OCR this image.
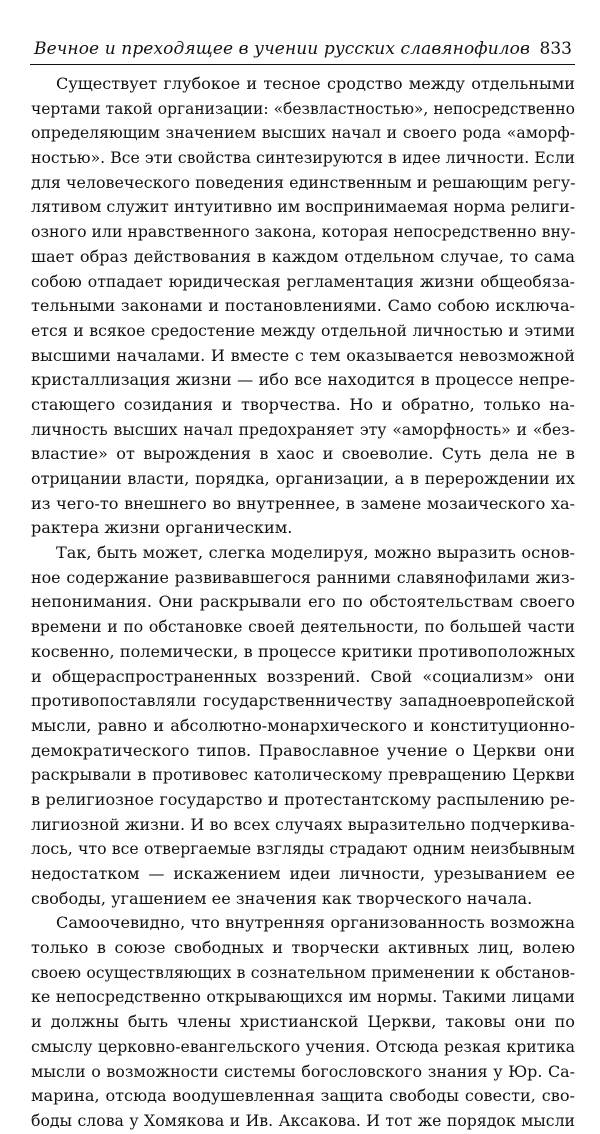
Вечное и преходящее в учении русских славянофилов 833
Существует глубокое и тесное сродство между отдельными
чертами такой организации: «безвластностью», непосредственно
определяющим значением высших начал и своего рода «аморф-
ностью». Все эти свойства синтезируются в идее личности. Если
для человеческого поведения единственным и решающим регу-
лятивом служит интуитивно им воспринимаемая норма религи-
озного или нравственного закона, которая непосредственно вну-
шает образ действования в каждом отдельном случае, то сама
собою отпадает юридическая регламентация жизни общеобяза-
тельными законами и постановлениями. Само собою исключа-
ется и всякое средостение между отдельной личностью и этими
высшими началами. И вместе с тем оказывается невозможной
кристаллизация жизни — ибо все находится в процессе непре-
стающего созидания и творчества. Но и обратно, только на-
личность высших начал предохраняет эту «аморфность» и «без-
властие» от вырождения в хаос и своеволие. Суть дела не в
отрицании власти, порядка, организации, а в перерождении их
из чего-то внешнего во внутреннее, в замене мозаического ха-
рактера жизни органическим.
Так, быть может, слегка моделируя, можно выразить основ-
ное содержание развивавшегося ранними славянофилами жиз-
непонимания. Они раскрывали его по обстоятельствам своего
времени и по обстановке своей деятельности, по большей части
косвенно, полемически, в процессе критики противоположных
и общераспространенных воззрений. Свой «социализм» они
противопоставляли государственничеству западноевропейской
мысли, равно и абсолютно-монархического и конституционно-
демократического типов. Православное учение о Церкви они
раскрывали в противовес католическому превращению Церкви
в религиозное государство и протестантскому распылению ре-
лигиозной жизни. И во всех случаях выразительно подчеркива-
лось, что все отвергаемые взгляды страдают одним неизбывным
недостатком — искажением идеи личности, урезыванием ее
свободы, угашением ее значения как творческого начала.
Самоочевидно, что внутренняя организованность возможна
только в союзе свободных и творчески активных лиц, волею
своею осуществляющих в сознательном применении к обстанов-
ке непосредственно открывающихся им нормы. Такими лицами
и должны быть члены христианской Церкви, таковы они по
смыслу церковно-евангельского учения. Отсюда резкая критика
мысли о возможности системы богословского знания у Юр. Са-
марина, отсюда воодушевленная защита свободы совести, сво-
боды слова у Хомякова и Ив. Аксакова. И тот же порядок мысли
